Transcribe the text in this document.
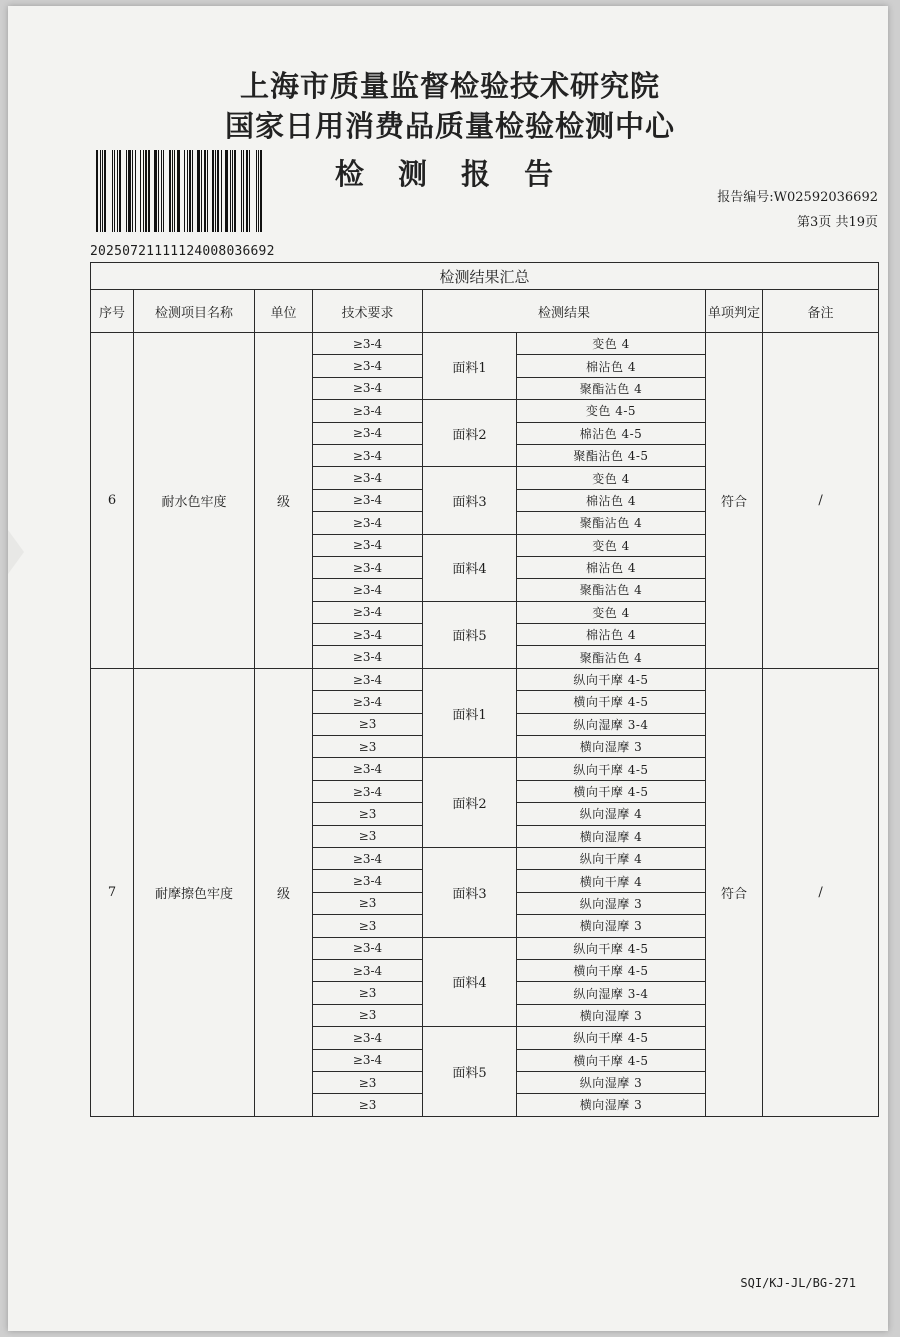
上海市质量监督检验技术研究院
国家日用消费品质量检验检测中心
检 测 报 告
20250721111124008036692
报告编号:W02592036692
第3页 共19页
检测结果汇总							
序号	检测项目名称	单位	技术要求	检测结果		单项判定	备注
6	耐水色牢度	级	≥3-4	面料1	变色 4	符合	/
			≥3-4		棉沾色 4		
			≥3-4		聚酯沾色 4		
			≥3-4	面料2	变色 4-5		
			≥3-4		棉沾色 4-5		
			≥3-4		聚酯沾色 4-5		
			≥3-4	面料3	变色 4		
			≥3-4		棉沾色 4		
			≥3-4		聚酯沾色 4		
			≥3-4	面料4	变色 4		
			≥3-4		棉沾色 4		
			≥3-4		聚酯沾色 4		
			≥3-4	面料5	变色 4		
			≥3-4		棉沾色 4		
			≥3-4		聚酯沾色 4		
7	耐摩擦色牢度	级	≥3-4	面料1	纵向干摩 4-5	符合	/
			≥3-4		横向干摩 4-5		
			≥3		纵向湿摩 3-4		
			≥3		横向湿摩 3		
			≥3-4	面料2	纵向干摩 4-5		
			≥3-4		横向干摩 4-5		
			≥3		纵向湿摩 4		
			≥3		横向湿摩 4		
			≥3-4	面料3	纵向干摩 4		
			≥3-4		横向干摩 4		
			≥3		纵向湿摩 3		
			≥3		横向湿摩 3		
			≥3-4	面料4	纵向干摩 4-5		
			≥3-4		横向干摩 4-5		
			≥3		纵向湿摩 3-4		
			≥3		横向湿摩 3		
			≥3-4	面料5	纵向干摩 4-5		
			≥3-4		横向干摩 4-5		
			≥3		纵向湿摩 3		
			≥3		横向湿摩 3		
SQI/KJ-JL/BG-271
